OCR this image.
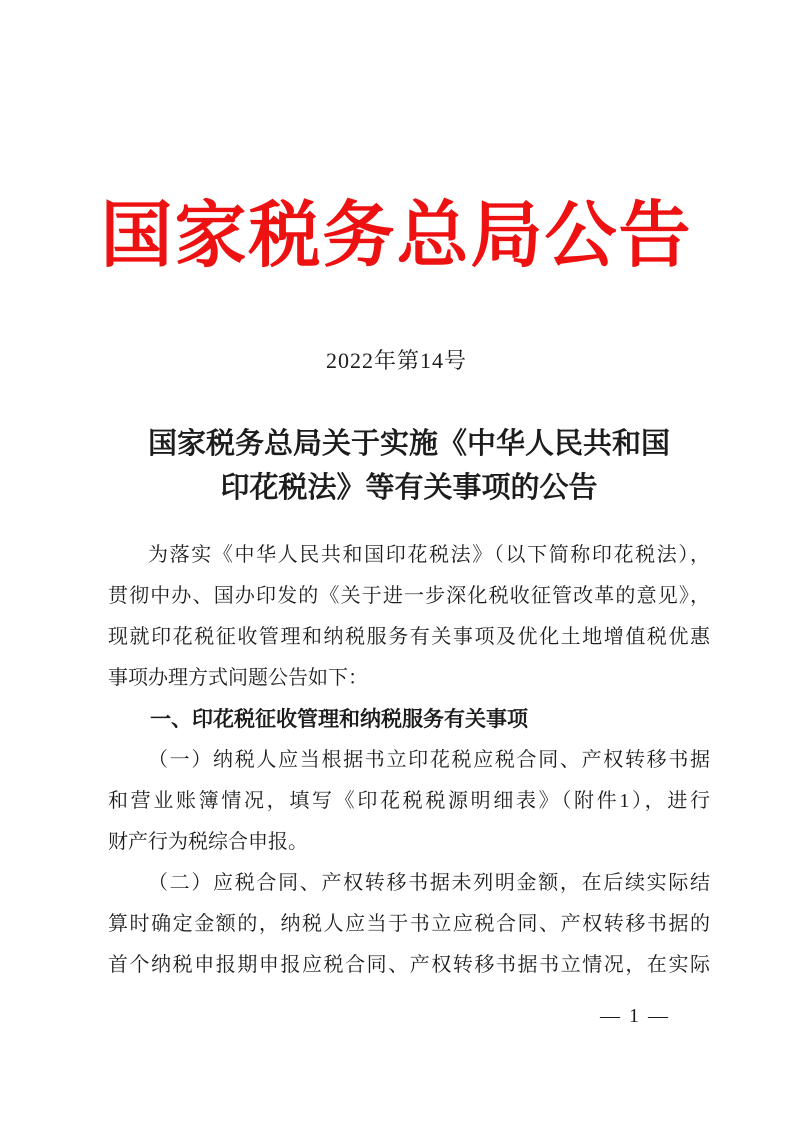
国家税务总局公告
2022年第14号
国家税务总局关于实施《中华人民共和国
印花税法》等有关事项的公告
为落实《中华人民共和国印花税法》（以下简称印花税法），
贯彻中办、国办印发的《关于进一步深化税收征管改革的意见》，
现就印花税征收管理和纳税服务有关事项及优化土地增值税优惠
事项办理方式问题公告如下：
一、印花税征收管理和纳税服务有关事项
（一）纳税人应当根据书立印花税应税合同、产权转移书据
和营业账簿情况，填写《印花税税源明细表》（附件1），进行
财产行为税综合申报。
（二）应税合同、产权转移书据未列明金额，在后续实际结
算时确定金额的，纳税人应当于书立应税合同、产权转移书据的
首个纳税申报期申报应税合同、产权转移书据书立情况，在实际
— 1 —
